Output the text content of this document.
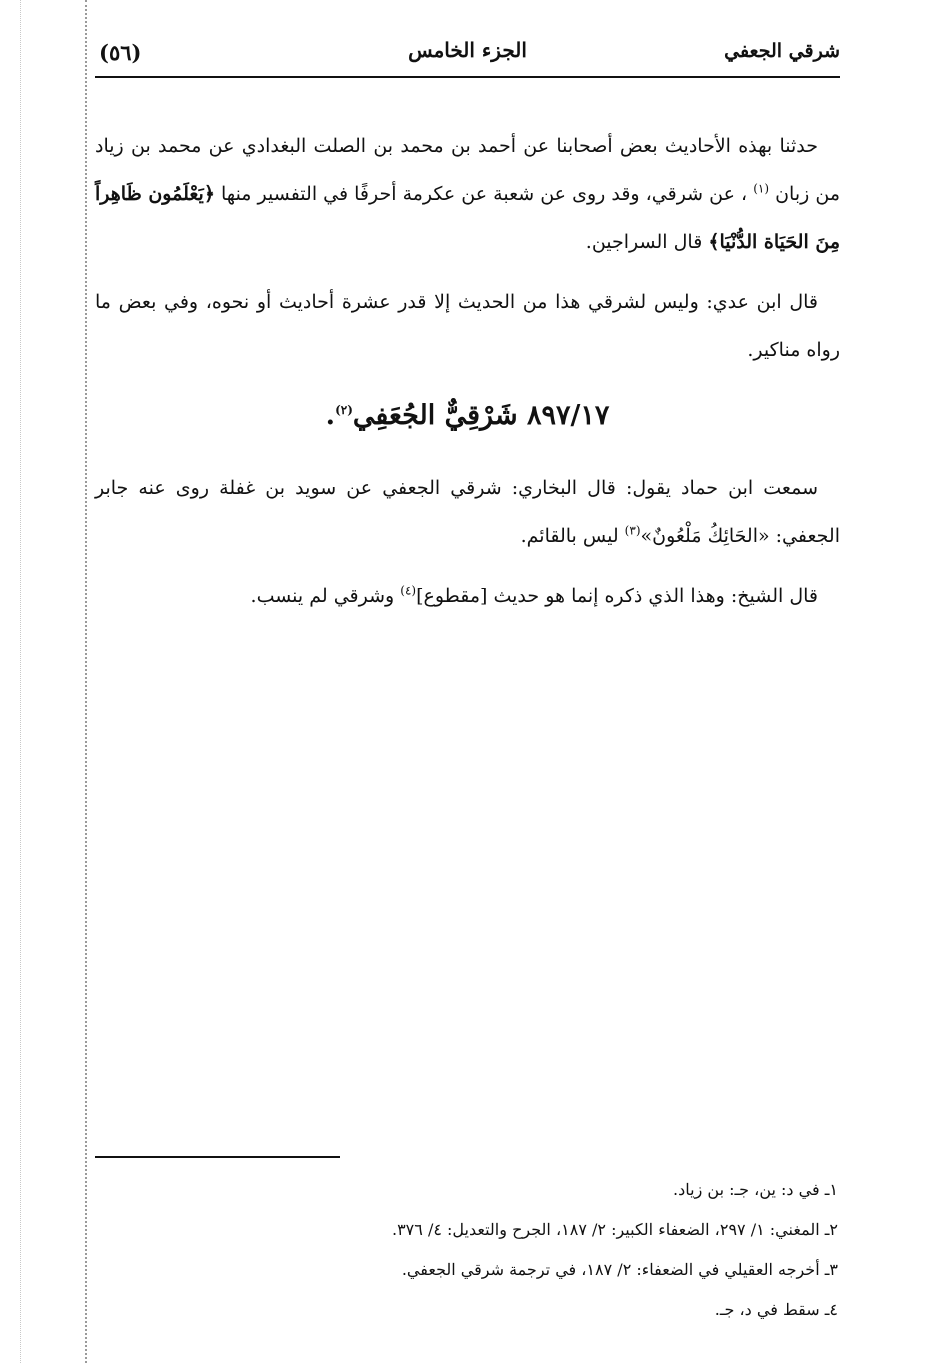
شرقي الجعفي
الجزء الخامس
(٥٦)

حدثنا بهذه الأحاديث بعض أصحابنا عن أحمد بن محمد بن الصلت البغدادي عن محمد بن زياد من زبان $^{(١)}$ ، عن شرقي، وقد روى عن شعبة عن عكرمة أحرفًا في التفسير منها ﴿يَعْلَمُون ظَاهِراً مِنَ الحَيَاة الدُّنْيَا﴾ قال السراجين.

قال ابن عدي: وليس لشرقي هذا من الحديث إلا قدر عشرة أحاديث أو نحوه، وفي بعض ما رواه مناكير.

٨٩٧/١٧ شَرْقِيٌّ الجُعَفِي$^{(٢)}$.

سمعت ابن حماد يقول: قال البخاري: شرقي الجعفي عن سويد بن غفلة روى عنه جابر الجعفي: «الحَائِكُ مَلْعُونٌ»$^{(٣)}$ ليس بالقائم.

قال الشيخ: وهذا الذي ذكره إنما هو حديث [مقطوع]$^{(٤)}$ وشرقي لم ينسب.

١ـ في د: ين، جـ: بن زياد.

٢ـ المغني: ١/ ٢٩٧، الضعفاء الكبير: ٢/ ١٨٧، الجرح والتعديل: ٤/ ٣٧٦.

٣ـ أخرجه العقيلي في الضعفاء: ٢/ ١٨٧، في ترجمة شرقي الجعفي.

٤ـ سقط في د، جـ.
